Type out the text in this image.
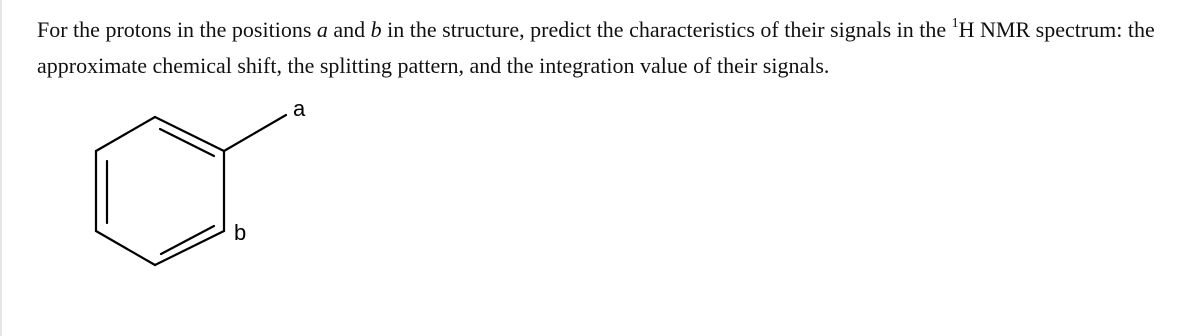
For the protons in the positions a and b in the structure, predict the characteristics of their signals in the $^1$H NMR spectrum: the approximate chemical shift, the splitting pattern, and the integration value of their signals.
a
b
